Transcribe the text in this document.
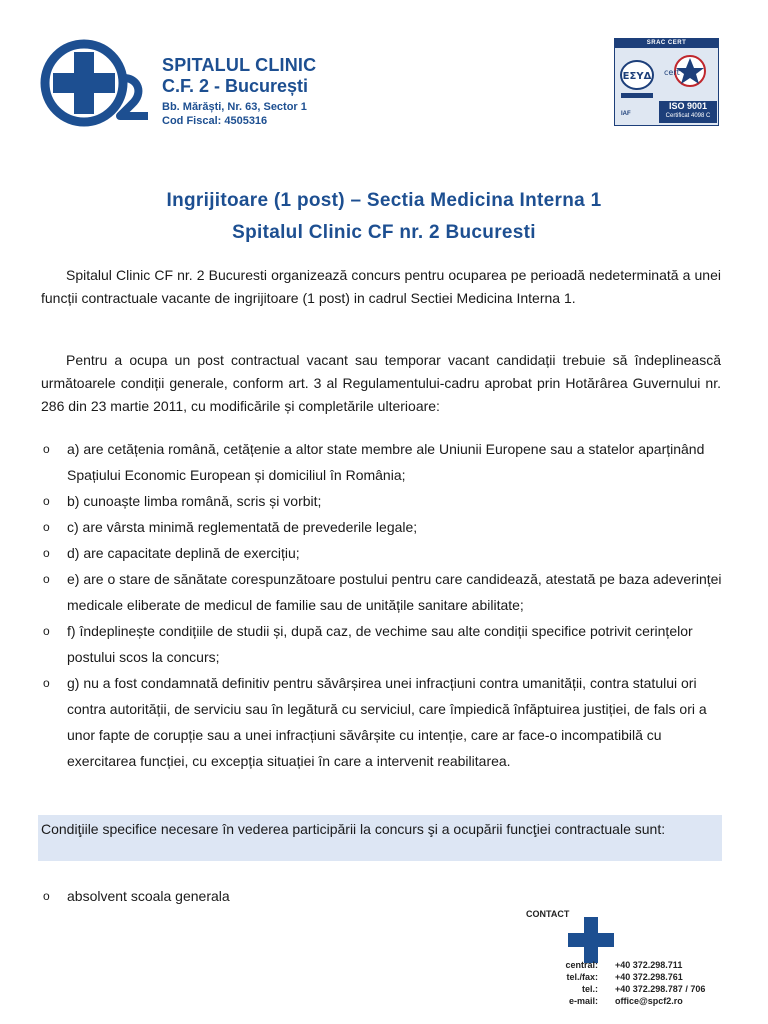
SPITALUL CLINIC
C.F. 2 - București
Bb. Mărăști, Nr. 63, Sector 1
Cod Fiscal: 4505316
SRAC CERT
ΕΣΥΔ cert
ISO 9001
Certificat 4098 C
IAF
Ingrijitoare (1 post) – Sectia Medicina Interna 1
Spitalul Clinic CF nr. 2 Bucuresti

Spitalul Clinic CF nr. 2 Bucuresti organizează concurs pentru ocuparea pe perioadă nedeterminată a unei funcții contractuale vacante de ingrijitoare (1 post) in cadrul Sectiei Medicina Interna 1.

Pentru a ocupa un post contractual vacant sau temporar vacant candidații trebuie să îndeplinească următoarele condiții generale, conform art. 3 al Regulamentului-cadru aprobat prin Hotărârea Guvernului nr. 286 din 23 martie 2011, cu modificările și completările ulterioare:

o a) are cetățenia română, cetățenie a altor state membre ale Uniunii Europene sau a statelor aparținând Spațiului Economic European și domiciliul în România;
o b) cunoaște limba română, scris și vorbit;
o c) are vârsta minimă reglementată de prevederile legale;
o d) are capacitate deplină de exercițiu;
o e) are o stare de sănătate corespunzătoare postului pentru care candidează, atestată pe baza adeverinței medicale eliberate de medicul de familie sau de unitățile sanitare abilitate;
o f) îndeplinește condițiile de studii și, după caz, de vechime sau alte condiții specifice potrivit cerințelor postului scos la concurs;
o g) nu a fost condamnată definitiv pentru săvârșirea unei infracțiuni contra umanității, contra statului ori contra autorității, de serviciu sau în legătură cu serviciul, care împiedică înfăptuirea justiției, de fals ori a unor fapte de corupție sau a unei infracțiuni săvârșite cu intenție, care ar face-o incompatibilă cu exercitarea funcției, cu excepția situației în care a intervenit reabilitarea.

Condiţiile specifice necesare în vederea participării la concurs şi a ocupării funcţiei contractuale sunt:

o absolvent scoala generala
CONTACT
central: +40 372.298.711
tel./fax: +40 372.298.761
tel.: +40 372.298.787 / 706
e-mail: office@spcf2.ro
